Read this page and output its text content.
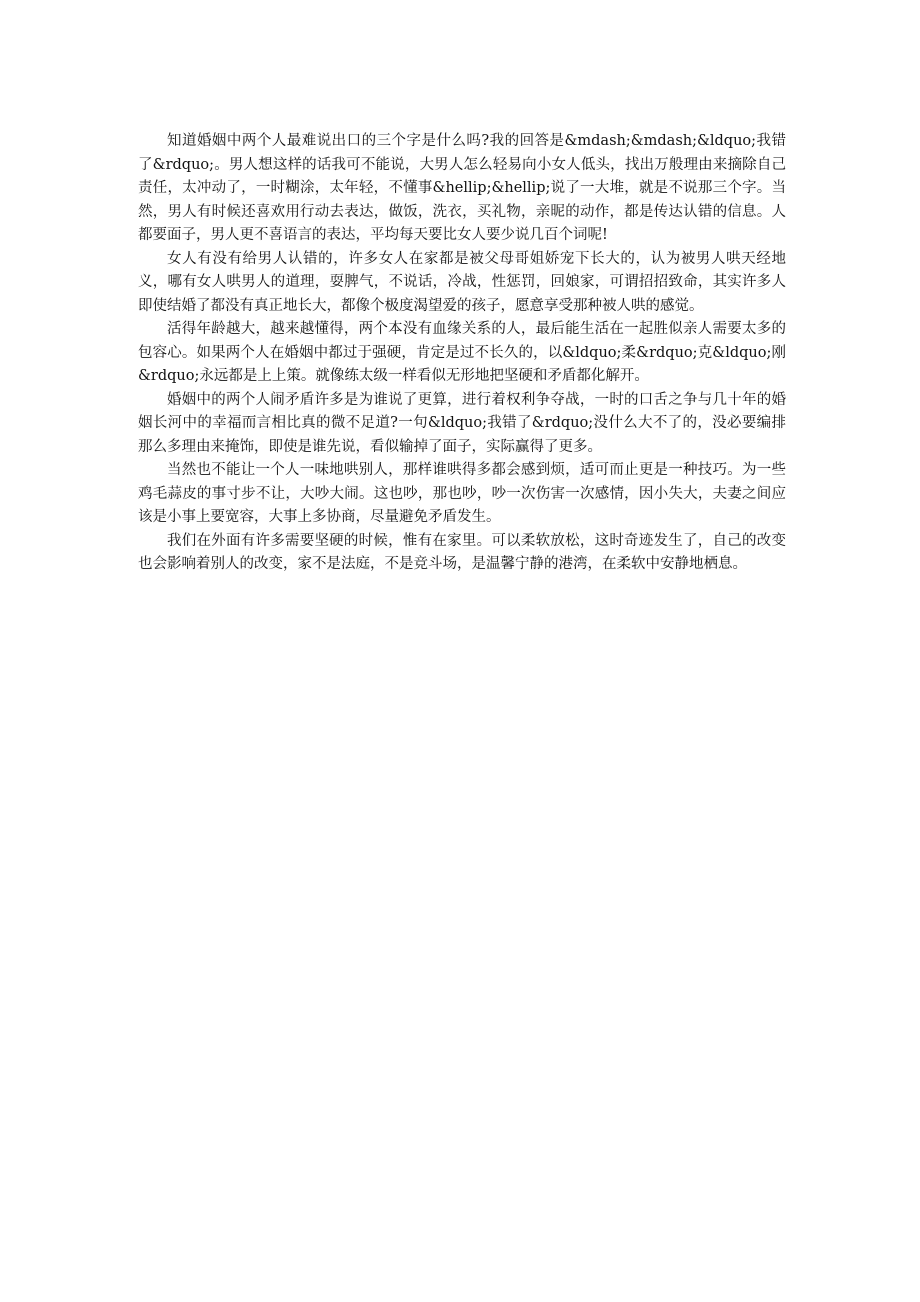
知道婚姻中两个人最难说出口的三个字是什么吗?我的回答是&mdash;&mdash;&ldquo;我错了&rdquo;。男人想这样的话我可不能说，大男人怎么轻易向小女人低头，找出万般理由来摘除自己责任，太冲动了，一时糊涂，太年轻，不懂事&hellip;&hellip;说了一大堆，就是不说那三个字。当然，男人有时候还喜欢用行动去表达，做饭，洗衣，买礼物，亲昵的动作，都是传达认错的信息。人都要面子，男人更不喜语言的表达，平均每天要比女人要少说几百个词呢!

女人有没有给男人认错的，许多女人在家都是被父母哥姐娇宠下长大的，认为被男人哄天经地义，哪有女人哄男人的道理，耍脾气，不说话，冷战，性惩罚，回娘家，可谓招招致命，其实许多人即使结婚了都没有真正地长大，都像个极度渴望爱的孩子，愿意享受那种被人哄的感觉。

活得年龄越大，越来越懂得，两个本没有血缘关系的人，最后能生活在一起胜似亲人需要太多的包容心。如果两个人在婚姻中都过于强硬，肯定是过不长久的，以&ldquo;柔&rdquo;克&ldquo;刚&rdquo;永远都是上上策。就像练太级一样看似无形地把坚硬和矛盾都化解开。

婚姻中的两个人闹矛盾许多是为谁说了更算，进行着权利争夺战，一时的口舌之争与几十年的婚姻长河中的幸福而言相比真的微不足道?一句&ldquo;我错了&rdquo;没什么大不了的，没必要编排那么多理由来掩饰，即使是谁先说，看似输掉了面子，实际赢得了更多。

当然也不能让一个人一味地哄别人，那样谁哄得多都会感到烦，适可而止更是一种技巧。为一些鸡毛蒜皮的事寸步不让，大吵大闹。这也吵，那也吵，吵一次伤害一次感情，因小失大，夫妻之间应该是小事上要宽容，大事上多协商，尽量避免矛盾发生。

我们在外面有许多需要坚硬的时候，惟有在家里。可以柔软放松，这时奇迹发生了，自己的改变也会影响着别人的改变，家不是法庭，不是竞斗场，是温馨宁静的港湾，在柔软中安静地栖息。
